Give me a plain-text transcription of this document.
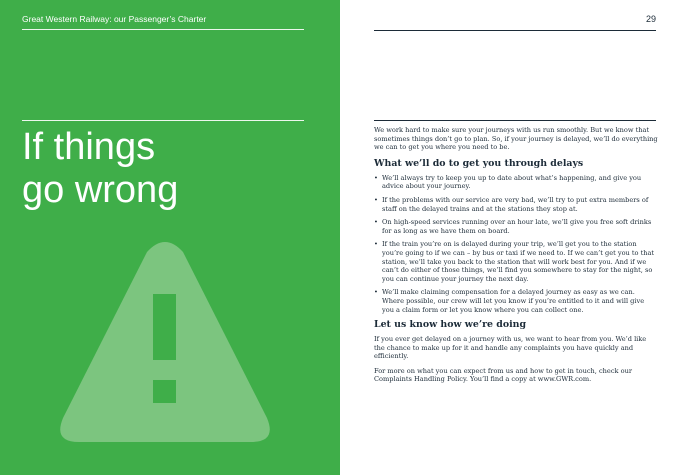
Great Western Railway: our Passenger’s Charter
If things
go wrong
29

We work hard to make sure your journeys with us run smoothly. But we know that sometimes things don’t go to plan. So, if your journey is delayed, we’ll do everything we can to get you where you need to be.

What we’ll do to get you through delays
• We’ll always try to keep you up to date about what’s happening, and give you advice about your journey.
• If the problems with our service are very bad, we’ll try to put extra members of staff on the delayed trains and at the stations they stop at.
• On high-speed services running over an hour late, we’ll give you free soft drinks for as long as we have them on board.
• If the train you’re on is delayed during your trip, we’ll get you to the station you’re going to if we can – by bus or taxi if we need to. If we can’t get you to that station, we’ll take you back to the station that will work best for you. And if we can’t do either of those things, we’ll find you somewhere to stay for the night, so you can continue your journey the next day.
• We’ll make claiming compensation for a delayed journey as easy as we can. Where possible, our crew will let you know if you’re entitled to it and will give you a claim form or let you know where you can collect one.
Let us know how we’re doing

If you ever get delayed on a journey with us, we want to hear from you. We’d like the chance to make up for it and handle any complaints you have quickly and efficiently.

For more on what you can expect from us and how to get in touch, check our Complaints Handling Policy. You’ll find a copy at www.GWR.com.
